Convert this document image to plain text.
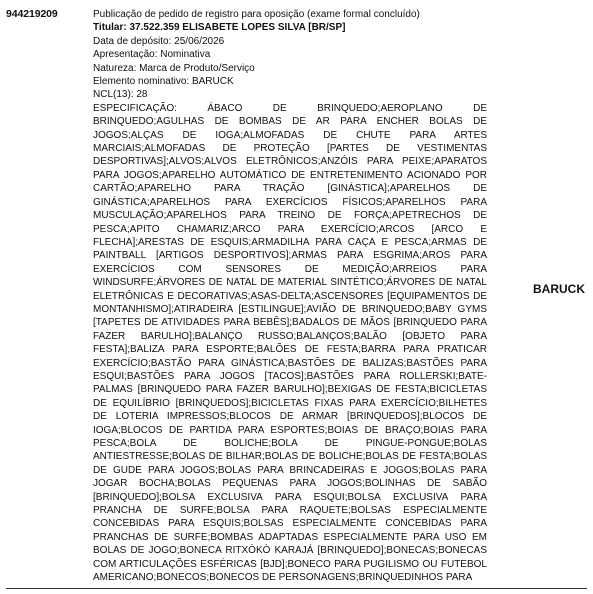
944219209	Publicação de pedido de registro para oposição (exame formal concluído)
Titular: 37.522.359 ELISABETE LOPES SILVA [BR/SP]
Data de depósito: 25/06/2026
Apresentação: Nominativa
Natureza: Marca de Produto/Serviço
Elemento nominativo: BARUCK
NCL(13): 28
ESPECIFICAÇÃO:	ÁBACO DE BRINQUEDO;AEROPLANO DE BRINQUEDO;AGULHAS DE BOMBAS DE AR PARA ENCHER BOLAS DE JOGOS;ALÇAS DE IOGA;ALMOFADAS DE CHUTE PARA ARTES MARCIAIS;ALMOFADAS DE PROTEÇÃO [PARTES DE VESTIMENTAS DESPORTIVAS];ALVOS;ALVOS ELETRÔNICOS;ANZÓIS PARA PEIXE;APARATOS PARA JOGOS;APARELHO AUTOMÁTICO DE ENTRETENIMENTO ACIONADO POR CARTÃO;APARELHO PARA TRAÇÃO [GINÁSTICA];APARELHOS DE GINÁSTICA;APARELHOS PARA EXERCÍCIOS FÍSICOS;APARELHOS PARA MUSCULAÇÃO;APARELHOS PARA TREINO DE FORÇA;APETRECHOS DE PESCA;APITO CHAMARIZ;ARCO PARA EXERCÍCIO;ARCOS [ARCO E FLECHA];ARESTAS DE ESQUIS;ARMADILHA PARA CAÇA E PESCA;ARMAS DE PAINTBALL [ARTIGOS DESPORTIVOS];ARMAS PARA ESGRIMA;AROS PARA EXERCÍCIOS COM SENSORES DE MEDIÇÃO;ARREIOS PARA WINDSURFE;ÁRVORES DE NATAL DE MATERIAL SINTÉTICO;ÁRVORES DE NATAL ELETRÔNICAS E DECORATIVAS;ASAS-DELTA;ASCENSORES [EQUIPAMENTOS DE MONTANHISMO];ATIRADEIRA [ESTILINGUE];AVIÃO DE BRINQUEDO;BABY GYMS [TAPETES DE ATIVIDADES PARA BEBÊS];BADALOS DE MÃOS [BRINQUEDO PARA FAZER BARULHO];BALANÇO RUSSO;BALANÇOS;BALÃO [OBJETO PARA FESTA];BALIZA PARA ESPORTE;BALÕES DE FESTA;BARRA PARA PRATICAR EXERCÍCIO;BASTÃO PARA GINÁSTICA;BASTÕES DE BALIZAS;BASTÕES PARA ESQUI;BASTÕES PARA JOGOS [TACOS];BASTÕES PARA ROLLERSKI;BATE-PALMAS [BRINQUEDO PARA FAZER BARULHO];BEXIGAS DE FESTA;BICICLETAS DE EQUILÍBRIO [BRINQUEDOS];BICICLETAS FIXAS PARA EXERCÍCIO;BILHETES DE LOTERIA IMPRESSOS;BLOCOS DE ARMAR [BRINQUEDOS];BLOCOS DE IOGA;BLOCOS DE PARTIDA PARA ESPORTES;BOIAS DE BRAÇO;BOIAS PARA PESCA;BOLA DE BOLICHE;BOLA DE PINGUE-PONGUE;BOLAS ANTIESTRESSE;BOLAS DE BILHAR;BOLAS DE BOLICHE;BOLAS DE FESTA;BOLAS DE GUDE PARA JOGOS;BOLAS PARA BRINCADEIRAS E JOGOS;BOLAS PARA JOGAR BOCHA;BOLAS PEQUENAS PARA JOGOS;BOLINHAS DE SABÃO [BRINQUEDO];BOLSA EXCLUSIVA PARA ESQUI;BOLSA EXCLUSIVA PARA PRANCHA DE SURFE;BOLSA PARA RAQUETE;BOLSAS ESPECIALMENTE CONCEBIDAS PARA ESQUIS;BOLSAS ESPECIALMENTE CONCEBIDAS PARA PRANCHAS DE SURFE;BOMBAS ADAPTADAS ESPECIALMENTE PARA USO EM BOLAS DE JOGO;BONECA RITXÒKÒ KARAJÁ [BRINQUEDO];BONECAS;BONECAS COM ARTICULAÇÕES ESFÉRICAS [BJD];BONECO PARA PUGILISMO OU FUTEBOL AMERICANO;BONECOS;BONECOS DE PERSONAGENS;BRINQUEDINHOS PARA
BARUCK
